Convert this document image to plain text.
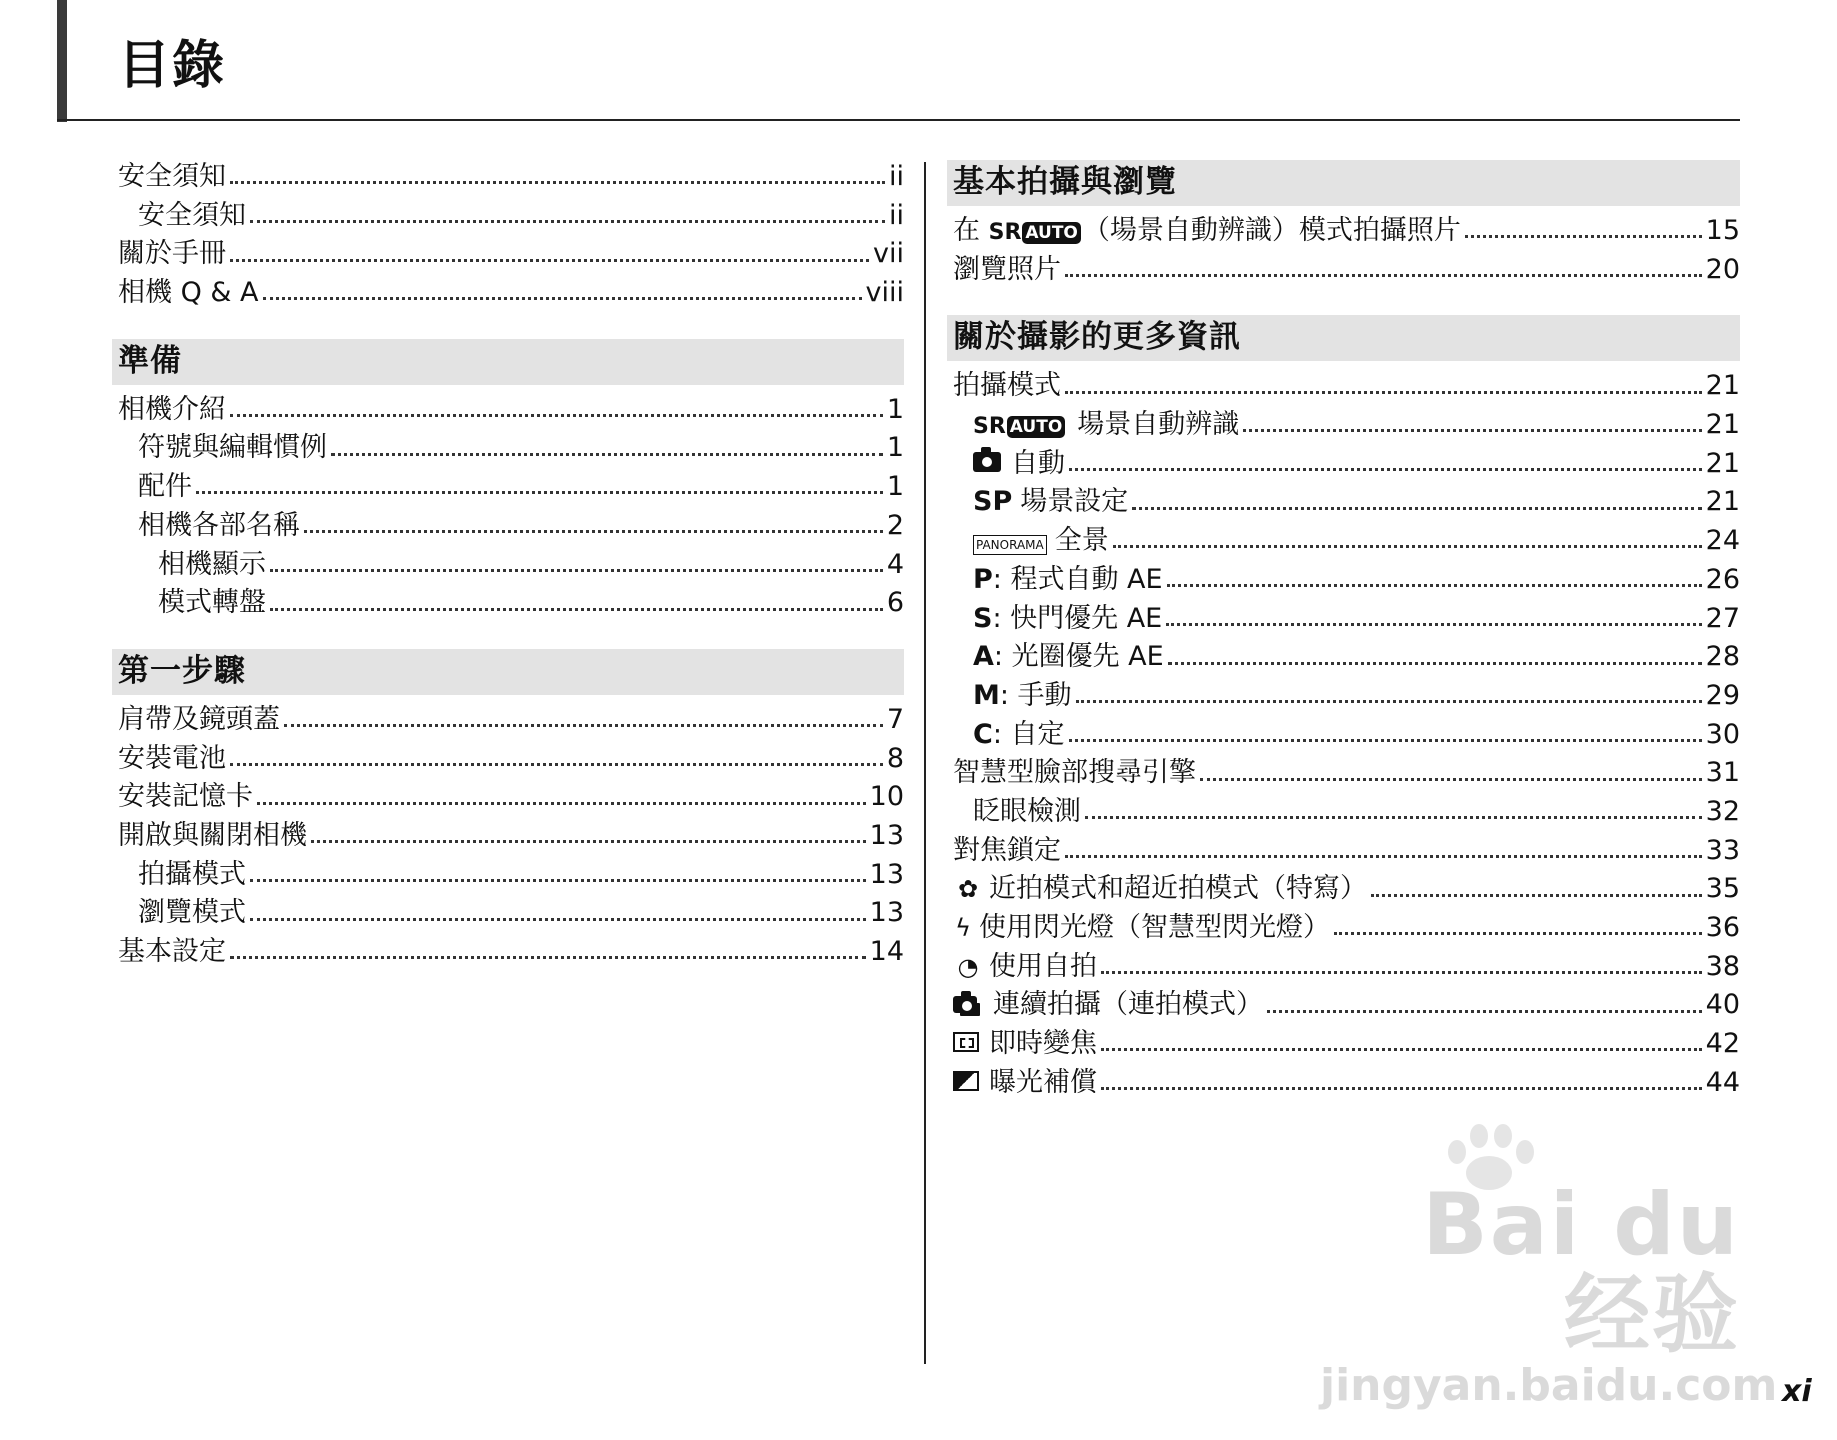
目錄
安全須知	ii
安全須知	ii
關於手冊	vii
相機 Q & A	viii
準備
相機介紹	1
符號與編輯慣例	1
配件	1
相機各部名稱	2
相機顯示	4
模式轉盤	6
第一步驟
肩帶及鏡頭蓋	7
安裝電池	8
安裝記憶卡	10
開啟與關閉相機	13
拍攝模式	13
瀏覽模式	13
基本設定	14
基本拍攝與瀏覽
在 SR AUTO （場景自動辨識）模式拍攝照片	15
瀏覽照片	20
關於攝影的更多資訊
拍攝模式	21
SR AUTO 場景自動辨識	21
自動	21
SP 場景設定	21
PANORAMA 全景	24
P : 程式自動 AE	26
S : 快門優先 AE	27
A : 光圈優先 AE	28
M : 手動	29
C : 自定	30
智慧型臉部搜尋引擎	31
眨眼檢測	32
對焦鎖定	33
✿ 近拍模式和超近拍模式（特寫）	35
ϟ 使用閃光燈（智慧型閃光燈）	36
◔ 使用自拍	38
連續拍攝（連拍模式）	40
即時變焦	42
曝光補償	44
Bai du 经验
jingyan.baidu.com xi
